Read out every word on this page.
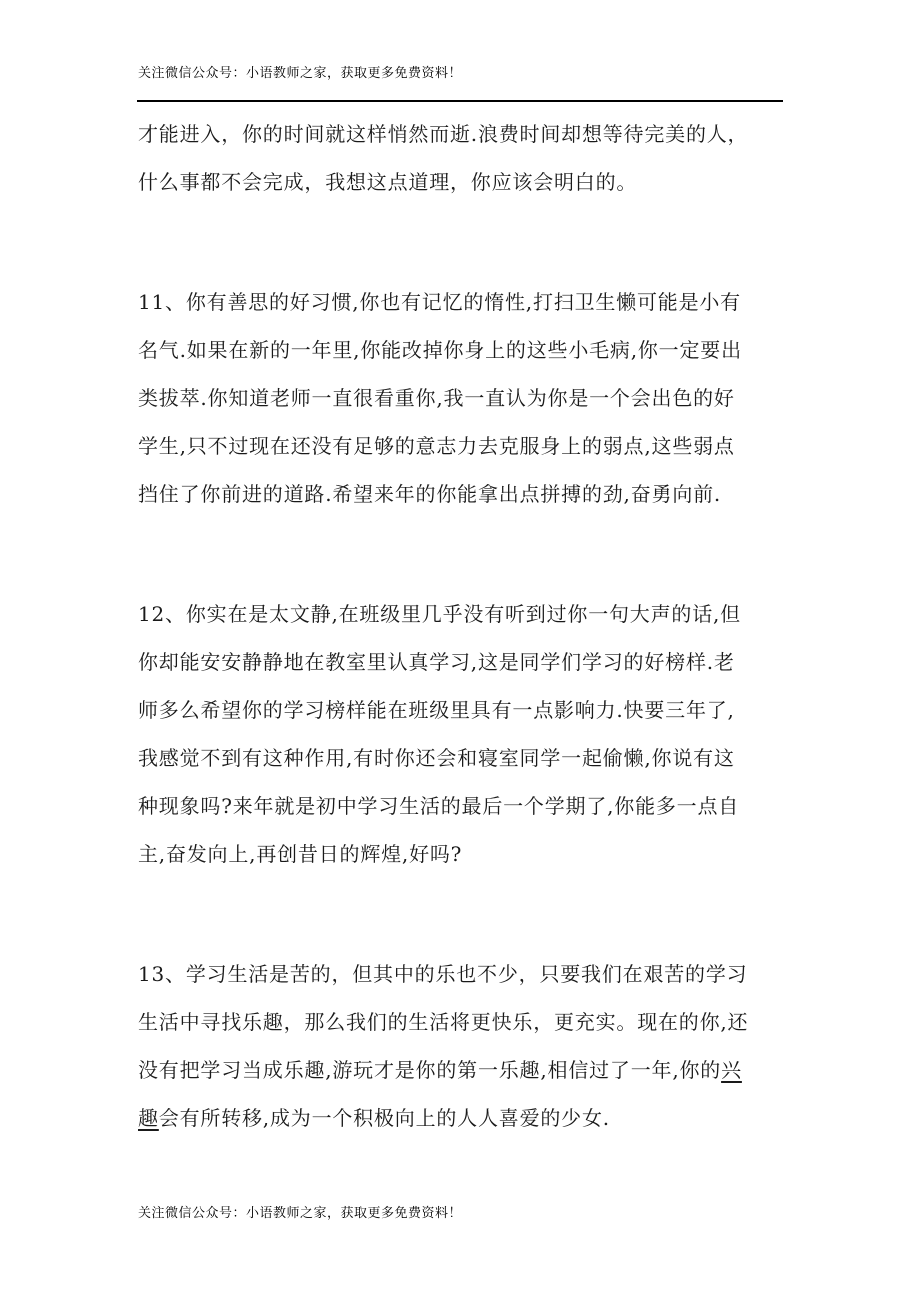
关注微信公众号：小语教师之家，获取更多免费资料！

才能进入，你的时间就这样悄然而逝.浪费时间却想等待完美的人，
什么事都不会完成，我想这点道理，你应该会明白的。

11、你有善思的好习惯,你也有记忆的惰性,打扫卫生懒可能是小有
名气.如果在新的一年里,你能改掉你身上的这些小毛病,你一定要出
类拔萃.你知道老师一直很看重你,我一直认为你是一个会出色的好
学生,只不过现在还没有足够的意志力去克服身上的弱点,这些弱点
挡住了你前进的道路.希望来年的你能拿出点拼搏的劲,奋勇向前.

12、你实在是太文静,在班级里几乎没有听到过你一句大声的话,但
你却能安安静静地在教室里认真学习,这是同学们学习的好榜样.老
师多么希望你的学习榜样能在班级里具有一点影响力.快要三年了,
我感觉不到有这种作用,有时你还会和寝室同学一起偷懒,你说有这
种现象吗?来年就是初中学习生活的最后一个学期了,你能多一点自
主,奋发向上,再创昔日的辉煌,好吗?

13、学习生活是苦的，但其中的乐也不少，只要我们在艰苦的学习
生活中寻找乐趣，那么我们的生活将更快乐，更充实。现在的你,还
没有把学习当成乐趣,游玩才是你的第一乐趣,相信过了一年,你的兴
趣会有所转移,成为一个积极向上的人人喜爱的少女.

关注微信公众号：小语教师之家，获取更多免费资料！
